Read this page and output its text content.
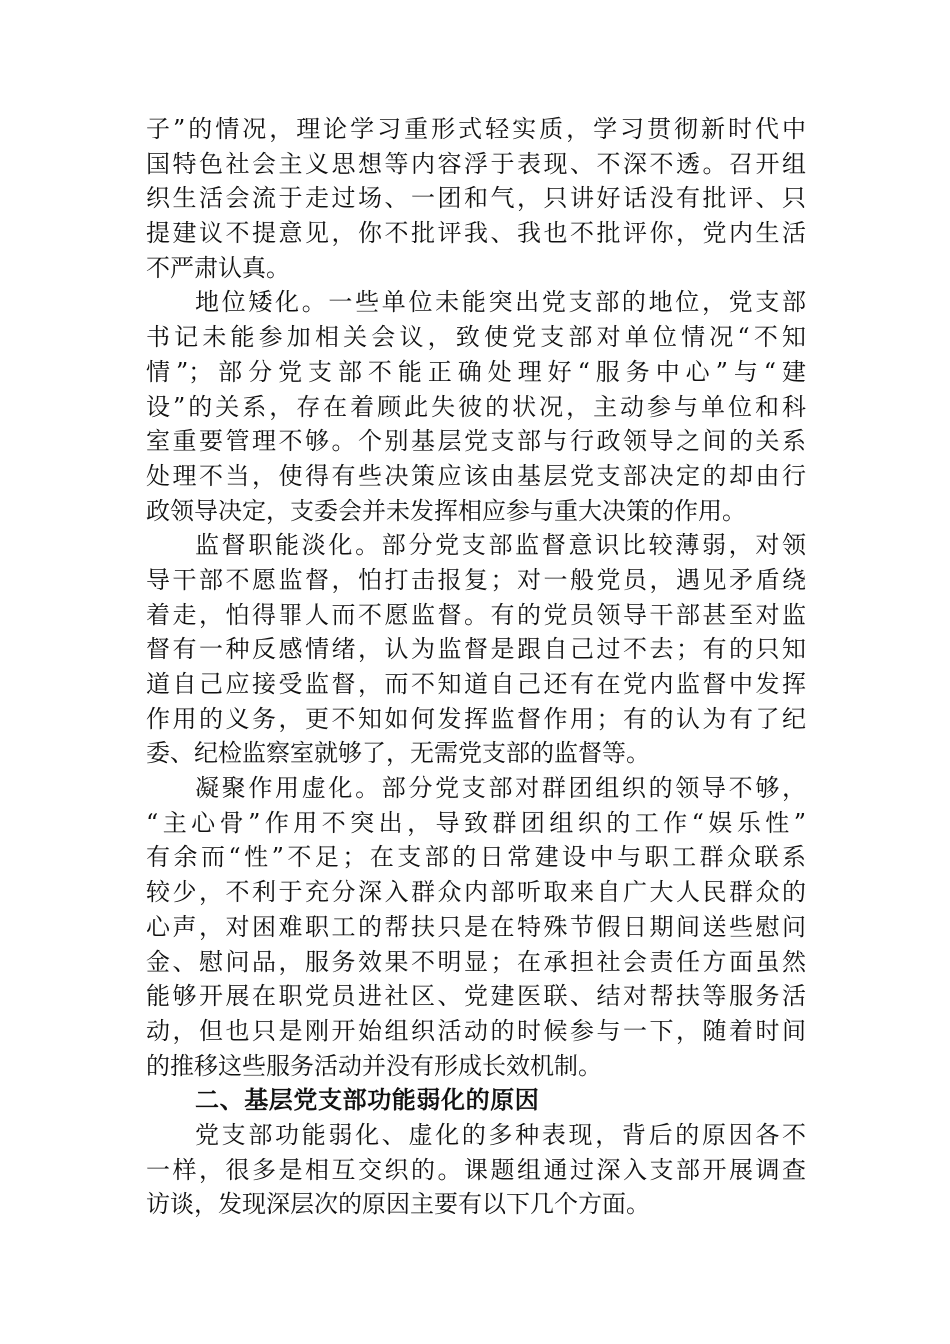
子”的情况，理论学习重形式轻实质，学习贯彻新时代中
国特色社会主义思想等内容浮于表现、不深不透。召开组
织生活会流于走过场、一团和气，只讲好话没有批评、只
提建议不提意见，你不批评我、我也不批评你，党内生活
不严肃认真。
地位矮化。一些单位未能突出党支部的地位，党支部
书记未能参加相关会议，致使党支部对单位情况“不知
情”；部分党支部不能正确处理好“服务中心”与“建
设”的关系，存在着顾此失彼的状况，主动参与单位和科
室重要管理不够。个别基层党支部与行政领导之间的关系
处理不当，使得有些决策应该由基层党支部决定的却由行
政领导决定，支委会并未发挥相应参与重大决策的作用。
监督职能淡化。部分党支部监督意识比较薄弱，对领
导干部不愿监督，怕打击报复；对一般党员，遇见矛盾绕
着走，怕得罪人而不愿监督。有的党员领导干部甚至对监
督有一种反感情绪，认为监督是跟自己过不去；有的只知
道自己应接受监督，而不知道自己还有在党内监督中发挥
作用的义务，更不知如何发挥监督作用；有的认为有了纪
委、纪检监察室就够了，无需党支部的监督等。
凝聚作用虚化。部分党支部对群团组织的领导不够，
“主心骨”作用不突出，导致群团组织的工作“娱乐性”
有余而“性”不足；在支部的日常建设中与职工群众联系
较少，不利于充分深入群众内部听取来自广大人民群众的
心声，对困难职工的帮扶只是在特殊节假日期间送些慰问
金、慰问品，服务效果不明显；在承担社会责任方面虽然
能够开展在职党员进社区、党建医联、结对帮扶等服务活
动，但也只是刚开始组织活动的时候参与一下，随着时间
的推移这些服务活动并没有形成长效机制。
二、基层党支部功能弱化的原因
党支部功能弱化、虚化的多种表现，背后的原因各不
一样，很多是相互交织的。课题组通过深入支部开展调查
访谈，发现深层次的原因主要有以下几个方面。
